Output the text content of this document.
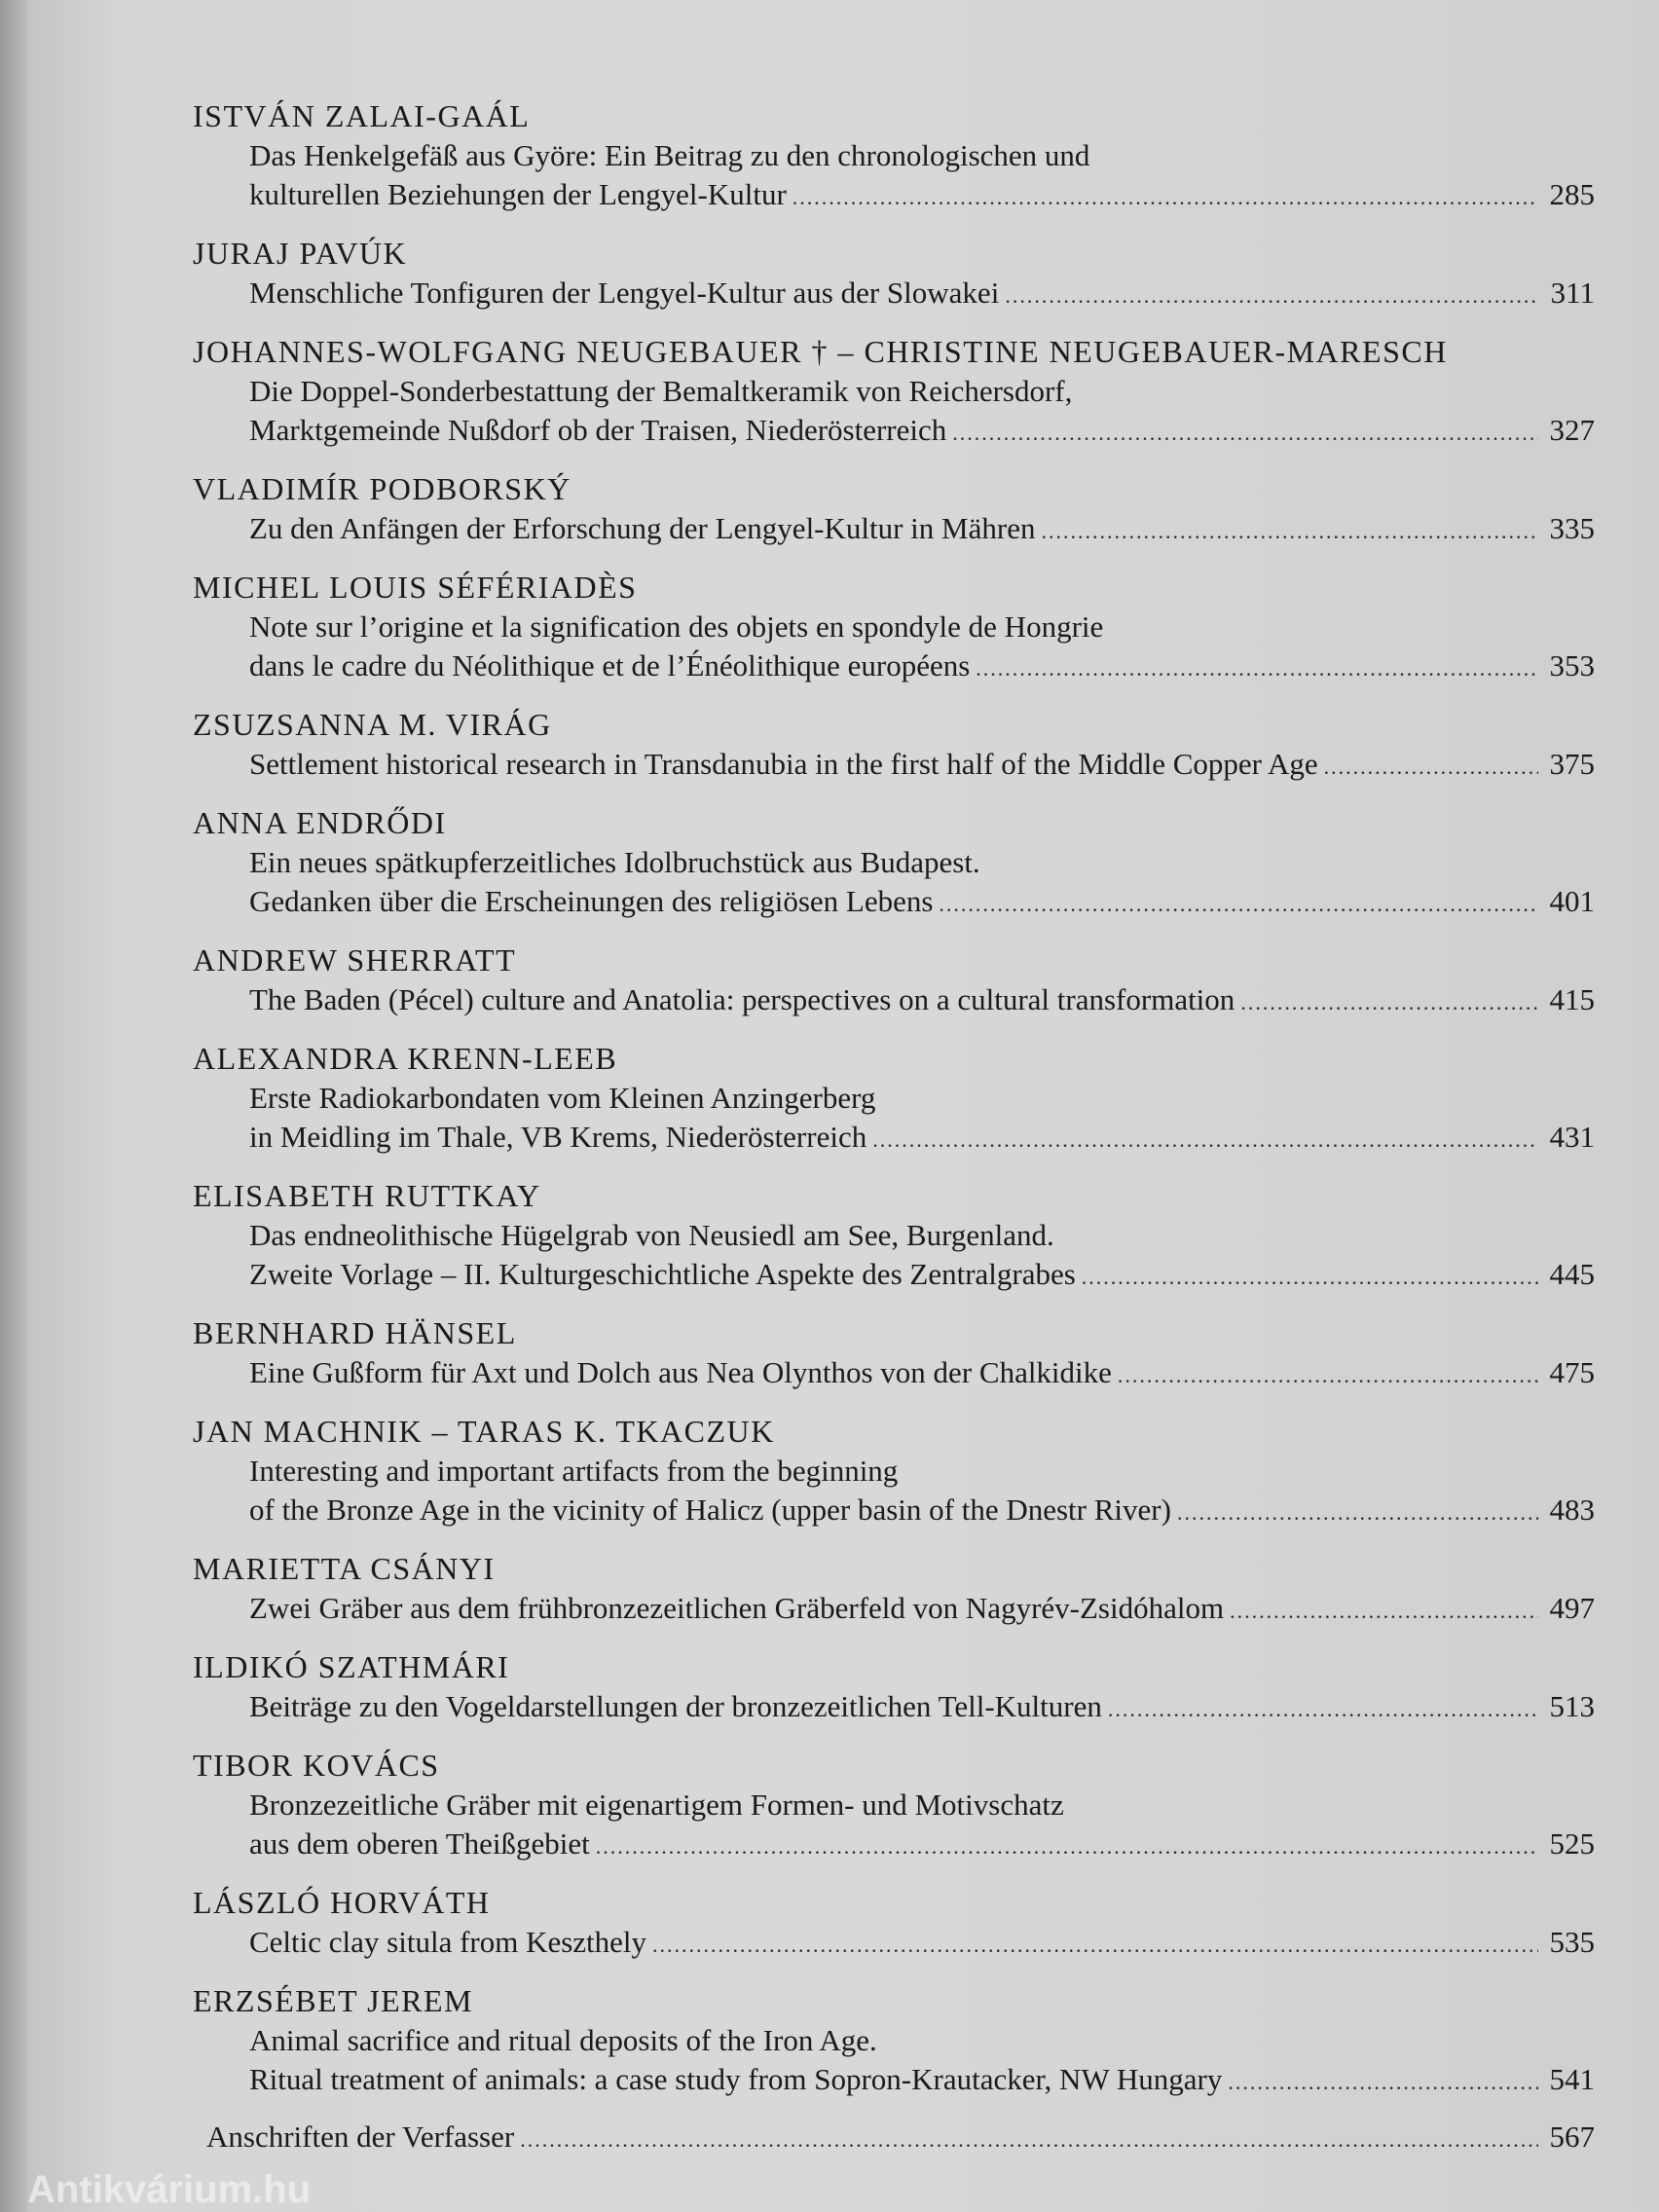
ISTVÁN ZALAI-GAÁL
Das Henkelgefäß aus Györe: Ein Beitrag zu den chronologischen und
kulturellen Beziehungen der Lengyel-Kultur .....	285
JURAJ PAVÚK
Menschliche Tonfiguren der Lengyel-Kultur aus der Slowakei .....	311
JOHANNES-WOLFGANG NEUGEBAUER † – CHRISTINE NEUGEBAUER-MARESCH
Die Doppel-Sonderbestattung der Bemaltkeramik von Reichersdorf,
Marktgemeinde Nußdorf ob der Traisen, Niederösterreich .....	327
VLADIMÍR PODBORSKÝ
Zu den Anfängen der Erforschung der Lengyel-Kultur in Mähren .....	335
MICHEL LOUIS SÉFÉRIADÈS
Note sur l’origine et la signification des objets en spondyle de Hongrie
dans le cadre du Néolithique et de l’Énéolithique européens .....	353
ZSUZSANNA M. VIRÁG
Settlement historical research in Transdanubia in the first half of the Middle Copper Age .....	375
ANNA ENDRŐDI
Ein neues spätkupferzeitliches Idolbruchstück aus Budapest.
Gedanken über die Erscheinungen des religiösen Lebens .....	401
ANDREW SHERRATT
The Baden (Pécel) culture and Anatolia: perspectives on a cultural transformation .....	415
ALEXANDRA KRENN-LEEB
Erste Radiokarbondaten vom Kleinen Anzingerberg
in Meidling im Thale, VB Krems, Niederösterreich .....	431
ELISABETH RUTTKAY
Das endneolithische Hügelgrab von Neusiedl am See, Burgenland.
Zweite Vorlage – II. Kulturgeschichtliche Aspekte des Zentralgrabes .....	445
BERNHARD HÄNSEL
Eine Gußform für Axt und Dolch aus Nea Olynthos von der Chalkidike .....	475
JAN MACHNIK – TARAS K. TKACZUK
Interesting and important artifacts from the beginning
of the Bronze Age in the vicinity of Halicz (upper basin of the Dnestr River) .....	483
MARIETTA CSÁNYI
Zwei Gräber aus dem frühbronzezeitlichen Gräberfeld von Nagyrév-Zsidóhalom .....	497
ILDIKÓ SZATHMÁRI
Beiträge zu den Vogeldarstellungen der bronzezeitlichen Tell-Kulturen .....	513
TIBOR KOVÁCS
Bronzezeitliche Gräber mit eigenartigem Formen- und Motivschatz
aus dem oberen Theißgebiet .....	525
LÁSZLÓ HORVÁTH
Celtic clay situla from Keszthely .....	535
ERZSÉBET JEREM
Animal sacrifice and ritual deposits of the Iron Age.
Ritual treatment of animals: a case study from Sopron-Krautacker, NW Hungary .....	541
Anschriften der Verfasser .....	567
Antikvárium.hu
